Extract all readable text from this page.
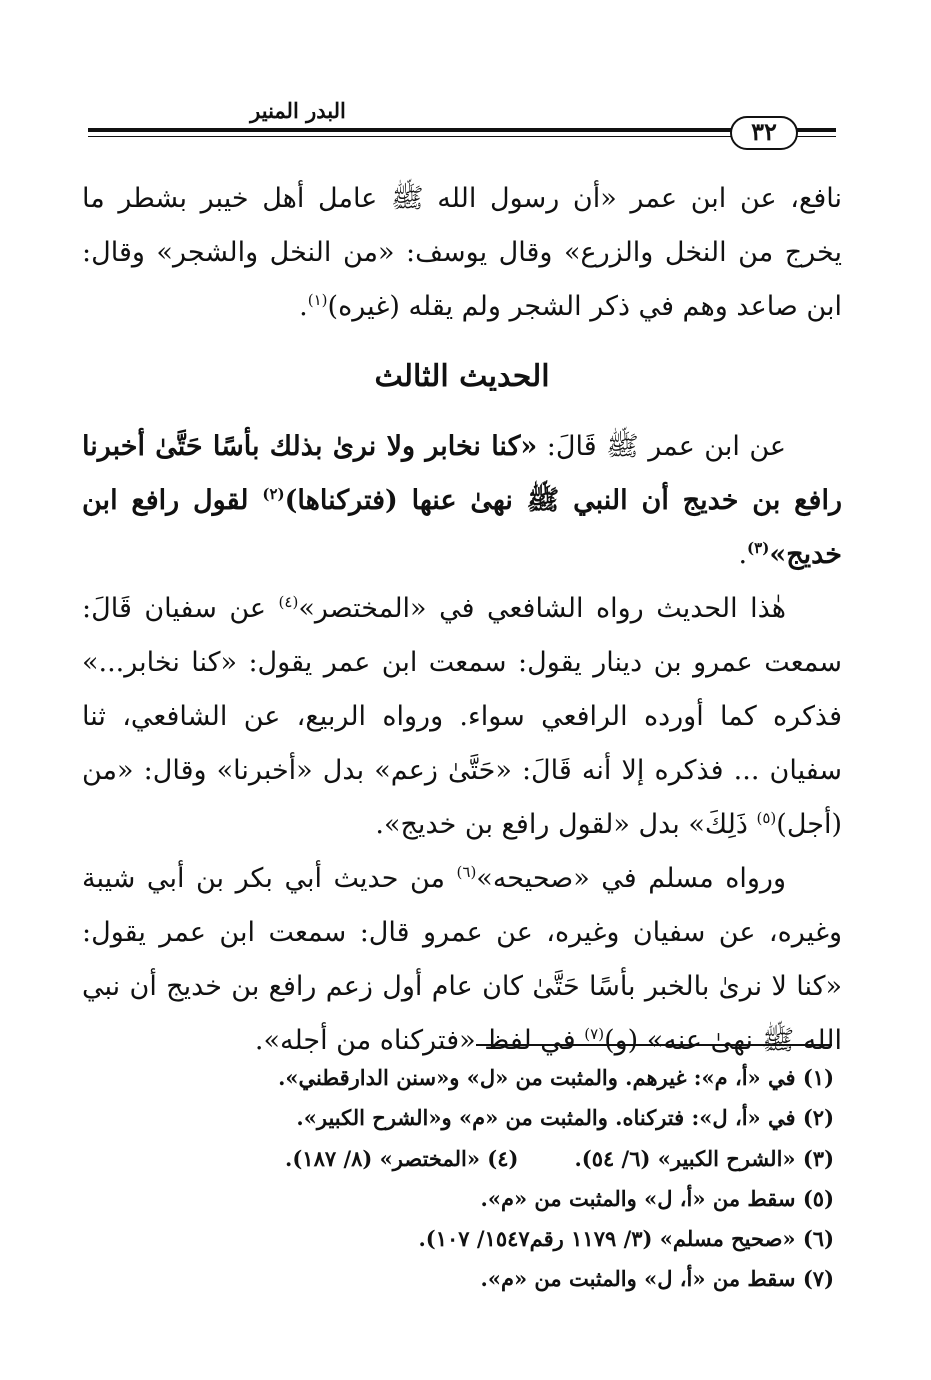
البدر المنير
٣٢

نافع، عن ابن عمر «أن رسول الله ﷺ عامل أهل خيبر بشطر ما يخرج من النخل والزرع» وقال يوسف: «من النخل والشجر» وقال: ابن صاعد وهم في ذكر الشجر ولم يقله (غيره)$^{(١)}$.

الحديث الثالث

عن ابن عمر ﷺ قَالَ: «كنا نخابر ولا نرىٰ بذلك بأسًا حَتَّىٰ أخبرنا رافع بن خديج أن النبي ﷺ نهىٰ عنها (فتركناها)$^{(٢)}$ لقول رافع ابن خديج»$^{(٣)}$.

هٰذا الحديث رواه الشافعي في «المختصر»$^{(٤)}$ عن سفيان قَالَ: سمعت عمرو بن دينار يقول: سمعت ابن عمر يقول: «كنا نخابر...» فذكره كما أورده الرافعي سواء. ورواه الربيع، عن الشافعي، ثنا سفيان ... فذكره إلا أنه قَالَ: «حَتَّىٰ زعم» بدل «أخبرنا» وقال: «من (أجل)$^{(٥)}$ ذَلِكَ» بدل «لقول رافع بن خديج».

ورواه مسلم في «صحيحه»$^{(٦)}$ من حديث أبي بكر بن أبي شيبة وغيره، عن سفيان وغيره، عن عمرو قال: سمعت ابن عمر يقول: «كنا لا نرىٰ بالخبر بأسًا حَتَّىٰ كان عام أول زعم رافع بن خديج أن نبي الله ﷺ نهىٰ عنه» (و)$^{(٧)}$ في لفظ «فتركناه من أجله».

(١) في «أ، م»: غيرهم. والمثبت من «ل» و«سنن الدارقطني».
(٢) في «أ، ل»: فتركناه. والمثبت من «م» و«الشرح الكبير».
(٣) «الشرح الكبير» (٦/ ٥٤).(٤) «المختصر» (٨/ ١٨٧).
(٥) سقط من «أ، ل» والمثبت من «م».
(٦) «صحيح مسلم» (٣/ ١١٧٩ رقم١٥٤٧/ ١٠٧).
(٧) سقط من «أ، ل» والمثبت من «م».
